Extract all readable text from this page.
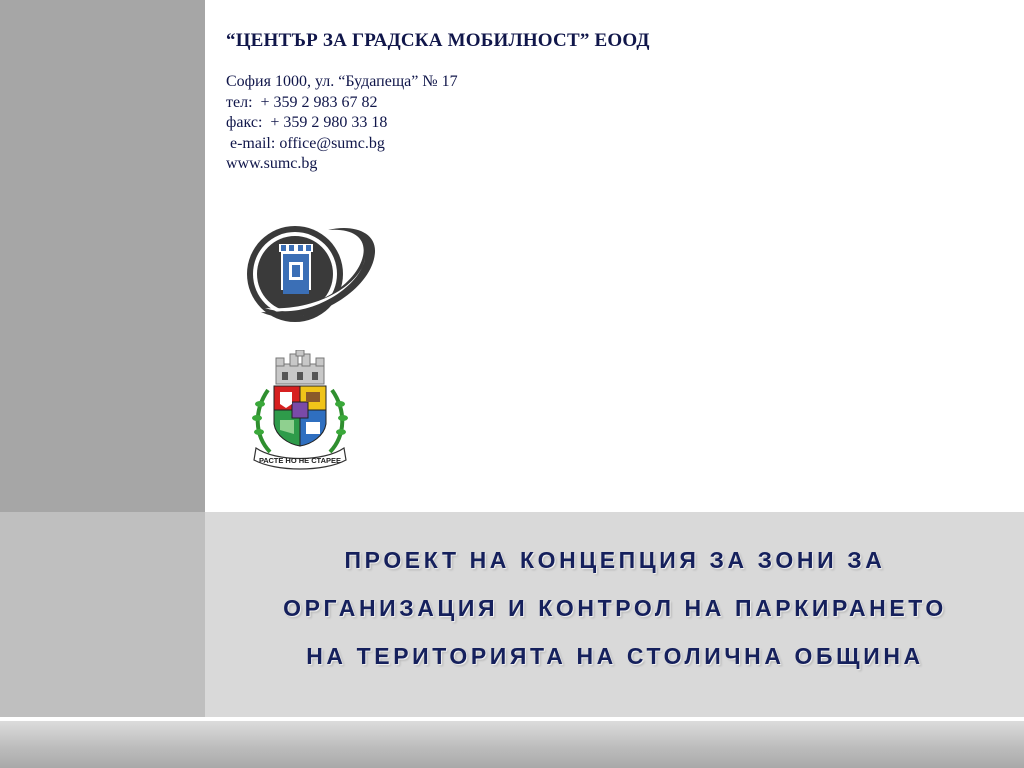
“ЦЕНТЪР ЗА ГРАДСКА МОБИЛНОСТ” ЕООД

София 1000, ул. “Будапеща” № 17

тел:  + 359 2 983 67 82

факс:  + 359 2 980 33 18

e-mail: office@sumc.bg

www.sumc.bg

РАСТЕ НО НЕ СТАРЕЕ
ПРОЕКТ НА КОНЦЕПЦИЯ ЗА ЗОНИ ЗА
ОРГАНИЗАЦИЯ И КОНТРОЛ НА ПАРКИРАНЕТО
НА ТЕРИТОРИЯТА НА СТОЛИЧНА ОБЩИНА
